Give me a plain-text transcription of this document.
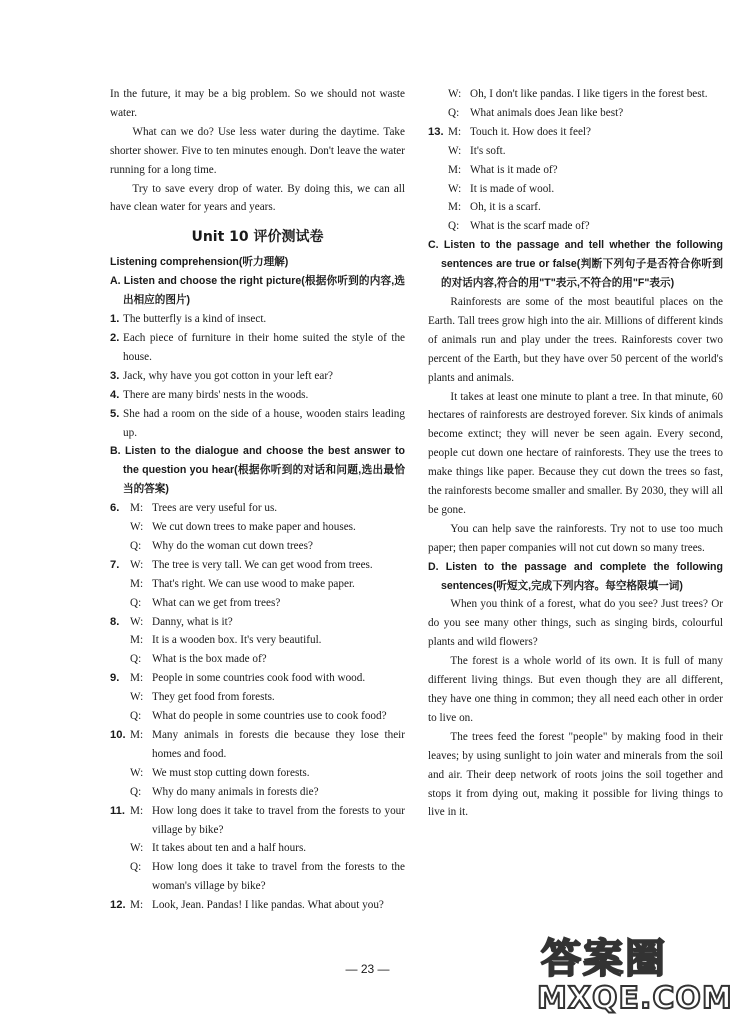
In the future, it may be a big problem. So we should not waste water.

What can we do? Use less water during the daytime. Take shorter shower. Five to ten minutes enough. Don't leave the water running for a long time.

Try to save every drop of water. By doing this, we can all have clean water for years and years.

Unit 10 评价测试卷
Listening comprehension(听力理解)

A. Listen and choose the right picture(根据你听到的内容,选出相应的图片)

1. The butterfly is a kind of insect.
2. Each piece of furniture in their home suited the style of the house.
3. Jack, why have you got cotton in your left ear?
4. There are many birds' nests in the woods.
5. She had a room on the side of a house, wooden stairs leading up.

B. Listen to the dialogue and choose the best answer to the question you hear(根据你听到的对话和问题,选出最恰当的答案)

6. M: Trees are very useful for us.
W: We cut down trees to make paper and houses.
Q: Why do the woman cut down trees?
7. W: The tree is very tall. We can get wood from trees.
M: That's right. We can use wood to make paper.
Q: What can we get from trees?
8. W: Danny, what is it?
M: It is a wooden box. It's very beautiful.
Q: What is the box made of?
9. M: People in some countries cook food with wood.
W: They get food from forests.
Q: What do people in some countries use to cook food?
10. M: Many animals in forests die because they lose their homes and food.
W: We must stop cutting down forests.
Q: Why do many animals in forests die?
11. M: How long does it take to travel from the forests to your village by bike?
W: It takes about ten and a half hours.
Q: How long does it take to travel from the forests to the woman's village by bike?
12. M: Look, Jean. Pandas! I like pandas. What about you?
W: Oh, I don't like pandas. I like tigers in the forest best.
Q: What animals does Jean like best?
13. M: Touch it. How does it feel?
W: It's soft.
M: What is it made of?
W: It is made of wool.
M: Oh, it is a scarf.
Q: What is the scarf made of?

C. Listen to the passage and tell whether the following sentences are true or false(判断下列句子是否符合你听到的对话内容,符合的用"T"表示,不符合的用"F"表示)

Rainforests are some of the most beautiful places on the Earth. Tall trees grow high into the air. Millions of different kinds of animals run and play under the trees. Rainforests cover two percent of the Earth, but they have over 50 percent of the world's plants and animals.

It takes at least one minute to plant a tree. In that minute, 60 hectares of rainforests are destroyed forever. Six kinds of animals become extinct; they will never be seen again. Every second, people cut down one hectare of rainforests. They use the trees to make things like paper. Because they cut down the trees so fast, the rainforests become smaller and smaller. By 2030, they will all be gone.

You can help save the rainforests. Try not to use too much paper; then paper companies will not cut down so many trees.

D. Listen to the passage and complete the following sentences(听短文,完成下列内容。每空格限填一词)

When you think of a forest, what do you see? Just trees? Or do you see many other things, such as singing birds, colourful plants and wild flowers?

The forest is a whole world of its own. It is full of many different living things. But even though they are all different, they have one thing in common; they all need each other in order to live on.

The trees feed the forest "people" by making food in their leaves; by using sunlight to join water and minerals from the soil and air. Their deep network of roots joins the soil together and stops it from dying out, making it possible for living things to live in it.

— 23 —	答案圈
MXQE.COM
